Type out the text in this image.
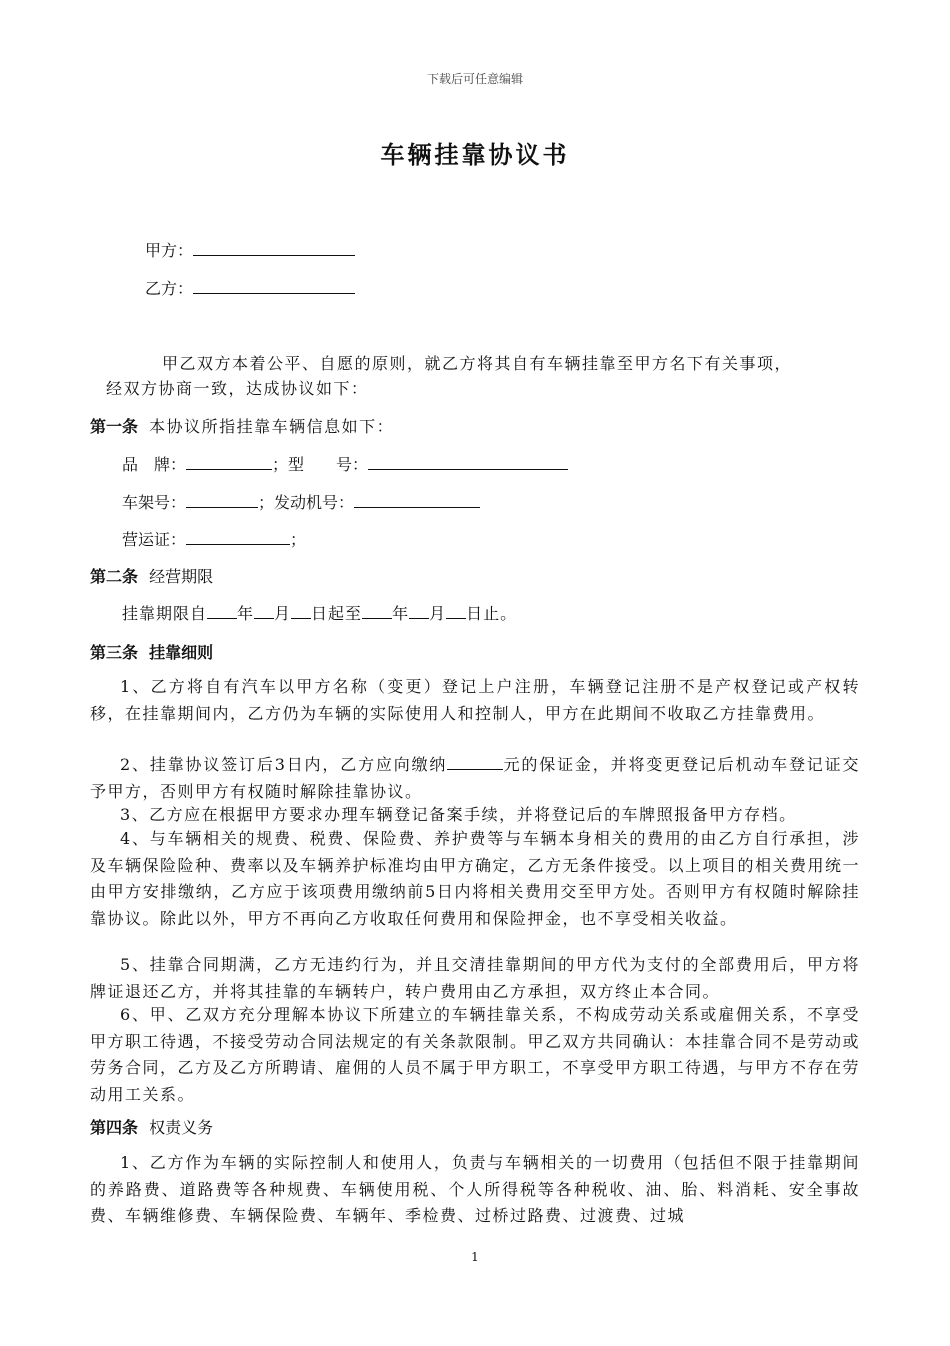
下载后可任意编辑
车辆挂靠协议书
甲方：
乙方：
甲乙双方本着公平、自愿的原则，就乙方将其自有车辆挂靠至甲方名下有关事项，
经双方协商一致，达成协议如下：
第一条 本协议所指挂靠车辆信息如下：
品　牌：	；型　　号：
车架号：	；发动机号：
营运证：	；
第二条 经营期限
挂靠期限自 年 月 日起至 年 月 日止。
第三条 挂靠细则
1、乙方将自有汽车以甲方名称（变更）登记上户注册，车辆登记注册不是产权登记或产权转移，在挂靠期间内，乙方仍为车辆的实际使用人和控制人，甲方在此期间不收取乙方挂靠费用。
2、挂靠协议签订后3日内，乙方应向缴纳	元的保证金，并将变更登记后机动车登记证交予甲方，否则甲方有权随时解除挂靠协议。
3、乙方应在根据甲方要求办理车辆登记备案手续，并将登记后的车牌照报备甲方存档。
4、与车辆相关的规费、税费、保险费、养护费等与车辆本身相关的费用的由乙方自行承担，涉及车辆保险险种、费率以及车辆养护标准均由甲方确定，乙方无条件接受。以上项目的相关费用统一由甲方安排缴纳，乙方应于该项费用缴纳前5日内将相关费用交至甲方处。否则甲方有权随时解除挂靠协议。除此以外，甲方不再向乙方收取任何费用和保险押金，也不享受相关收益。
5、挂靠合同期满，乙方无违约行为，并且交清挂靠期间的甲方代为支付的全部费用后，甲方将牌证退还乙方，并将其挂靠的车辆转户，转户费用由乙方承担，双方终止本合同。
6、甲、乙双方充分理解本协议下所建立的车辆挂靠关系，不构成劳动关系或雇佣关系，不享受甲方职工待遇，不接受劳动合同法规定的有关条款限制。甲乙双方共同确认：本挂靠合同不是劳动或劳务合同，乙方及乙方所聘请、雇佣的人员不属于甲方职工，不享受甲方职工待遇，与甲方不存在劳动用工关系。
第四条 权责义务
1、乙方作为车辆的实际控制人和使用人，负责与车辆相关的一切费用（包括但不限于挂靠期间的养路费、道路费等各种规费、车辆使用税、个人所得税等各种税收、油、胎、料消耗、安全事故费、车辆维修费、车辆保险费、车辆年、季检费、过桥过路费、过渡费、过城
1
